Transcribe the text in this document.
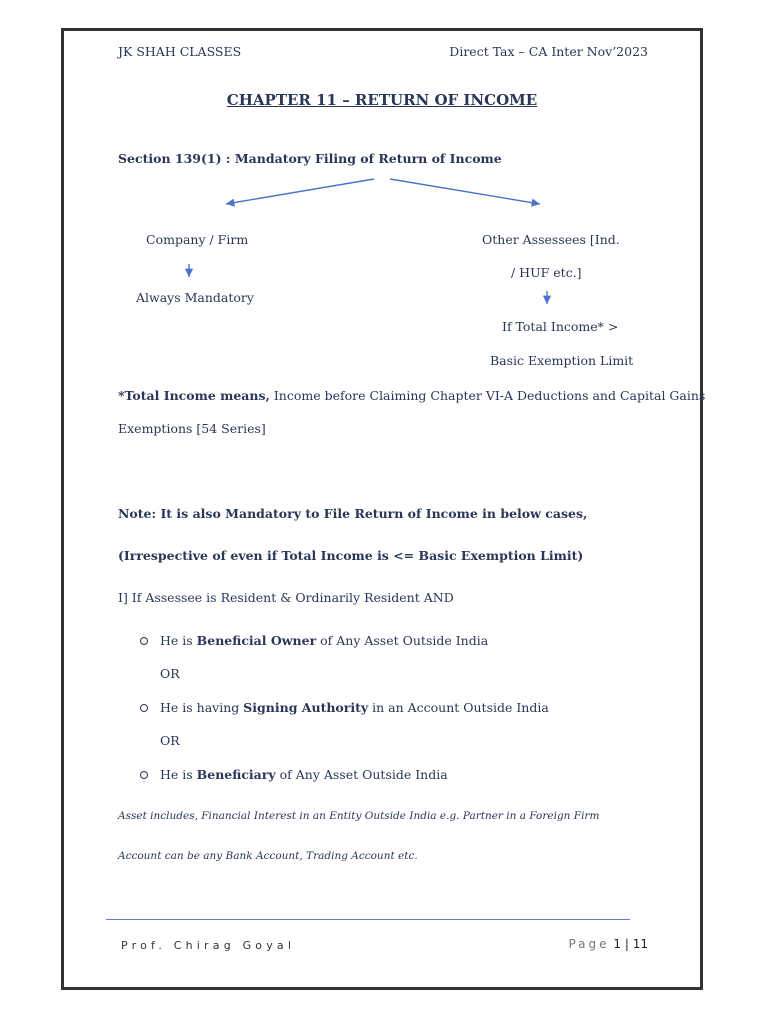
JK SHAH CLASSES	Direct Tax – CA Inter Nov’2023
CHAPTER 11 – RETURN OF INCOME
Section 139(1) : Mandatory Filing of Return of Income
Company / Firm
Always Mandatory
Other Assessees [Ind.
/ HUF etc.]
If Total Income* >
Basic Exemption Limit
*Total Income means, Income before Claiming Chapter VI-A Deductions and Capital Gains
Exemptions [54 Series]
Note: It is also Mandatory to File Return of Income in below cases,
(Irrespective of even if Total Income is <= Basic Exemption Limit)
I] If Assessee is Resident & Ordinarily Resident AND
He is Beneficial Owner of Any Asset Outside India
OR
He is having Signing Authority in an Account Outside India
OR
He is Beneficiary of Any Asset Outside India
Asset includes, Financial Interest in an Entity Outside India e.g. Partner in a Foreign Firm
Account can be any Bank Account, Trading Account etc.
Prof. Chirag Goyal	Page 1 | 11
